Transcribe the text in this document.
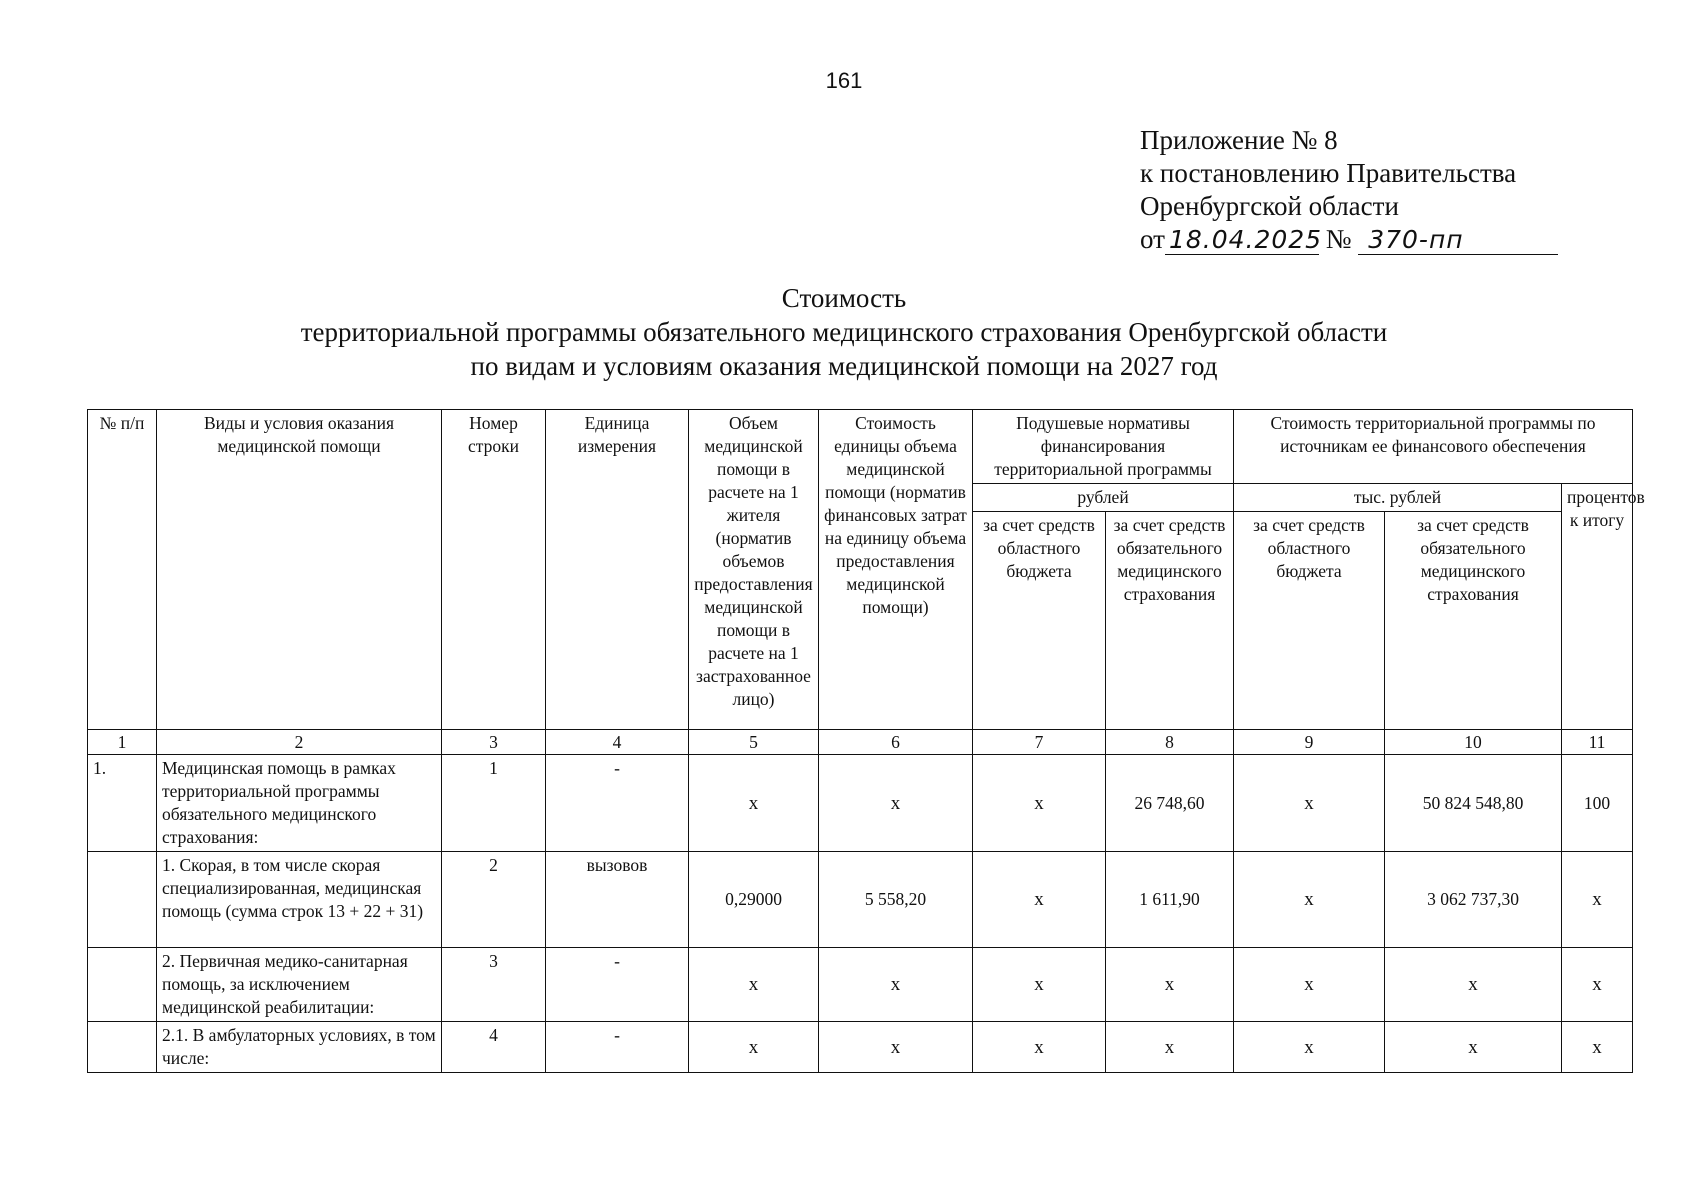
161
Приложение № 8
к постановлению Правительства
Оренбургской области
от 18.04.2025 № 370-пп
Стоимость
территориальной программы обязательного медицинского страхования Оренбургской области
по видам и условиям оказания медицинской помощи на 2027 год
№ п/п	Виды и условия оказания медицинской помощи	Номер строки	Единица измерения	Объем медицинской помощи в расчете на 1 жителя (норматив объемов предоставления медицинской помощи в расчете на 1 застрахованное лицо)	Стоимость единицы объема медицинской помощи (норматив финансовых затрат на единицу объема предоставления медицинской помощи)	Подушевые нормативы финансирования территориальной программы		Стоимость территориальной программы по источникам ее финансового обеспечения		
						рублей		тыс. рублей		процентов к итогу
						за счет средств областного бюджета	за счет средств обязательного медицинского страхования	за счет средств областного бюджета	за счет средств обязательного медицинского страхования	
1	2	3	4	5	6	7	8	9	10	11
1.	Медицинская помощь в рамках территориальной программы обязательного медицинского страхования:	1	-	х	х	х	26 748,60	х	50 824 548,80	100
	1. Скорая, в том числе скорая специализированная, медицинская помощь (сумма строк 13 + 22 + 31)	2	вызовов	0,29000	5 558,20	х	1 611,90	х	3 062 737,30	х
	2. Первичная медико-санитарная помощь, за исключением медицинской реабилитации:	3	-	х	х	х	х	х	х	х
	2.1. В амбулаторных условиях, в том числе:	4	-	х	х	х	х	х	х	х
